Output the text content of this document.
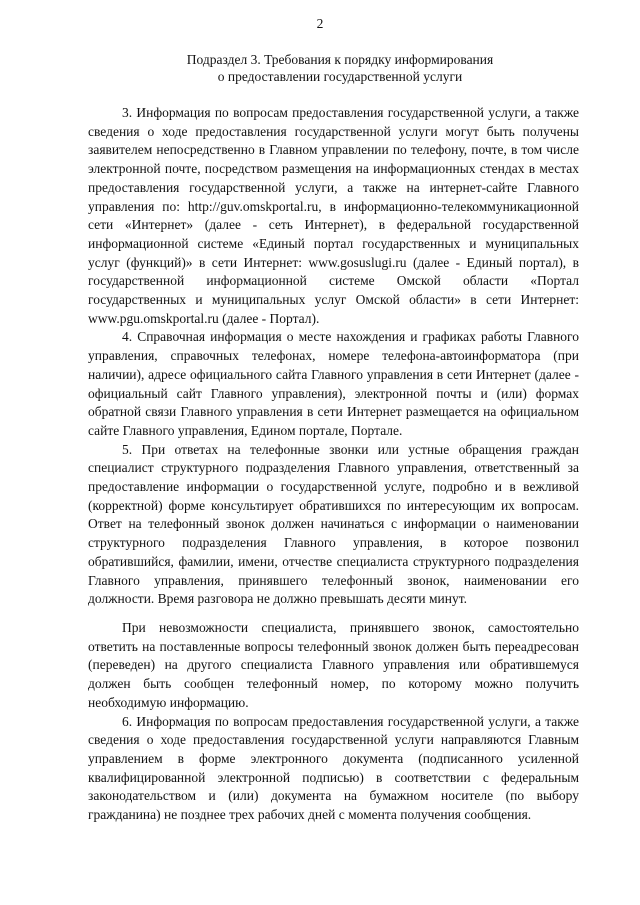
2
Подраздел 3. Требования к порядку информирования
о предоставлении государственной услуги

3. Информация по вопросам предоставления государственной услуги, а также сведения о ходе предоставления государственной услуги могут быть получены заявителем непосредственно в Главном управлении по телефону, почте, в том числе электронной почте, посредством размещения на информационных стендах в местах предоставления государственной услуги, а также на интернет-сайте Главного управления по: http://guv.omskportal.ru, в информационно-телекоммуникационной сети «Интернет» (далее - сеть Интернет), в федеральной государственной информационной системе «Единый портал государственных и муниципальных услуг (функций)» в сети Интернет: www.gosuslugi.ru (далее - Единый портал), в государственной информационной системе Омской области «Портал государственных и муниципальных услуг Омской области» в сети Интернет: www.pgu.omskportal.ru (далее - Портал).

4. Справочная информация о месте нахождения и графиках работы Главного управления, справочных телефонах, номере телефона-автоинформатора (при наличии), адресе официального сайта Главного управления в сети Интернет (далее - официальный сайт Главного управления), электронной почты и (или) формах обратной связи Главного управления в сети Интернет размещается на официальном сайте Главного управления, Едином портале, Портале.

5. При ответах на телефонные звонки или устные обращения граждан специалист структурного подразделения Главного управления, ответственный за предоставление информации о государственной услуге, подробно и в вежливой (корректной) форме консультирует обратившихся по интересующим их вопросам. Ответ на телефонный звонок должен начинаться с информации о наименовании структурного подразделения Главного управления, в которое позвонил обратившийся, фамилии, имени, отчестве специалиста структурного подразделения Главного управления, принявшего телефонный звонок, наименовании его должности. Время разговора не должно превышать десяти минут.

При невозможности специалиста, принявшего звонок, самостоятельно ответить на поставленные вопросы телефонный звонок должен быть переадресован (переведен) на другого специалиста Главного управления или обратившемуся должен быть сообщен телефонный номер, по которому можно получить необходимую информацию.

6. Информация по вопросам предоставления государственной услуги, а также сведения о ходе предоставления государственной услуги направляются Главным управлением в форме электронного документа (подписанного усиленной квалифицированной электронной подписью) в соответствии с федеральным законодательством и (или) документа на бумажном носителе (по выбору гражданина) не позднее трех рабочих дней с момента получения сообщения.
